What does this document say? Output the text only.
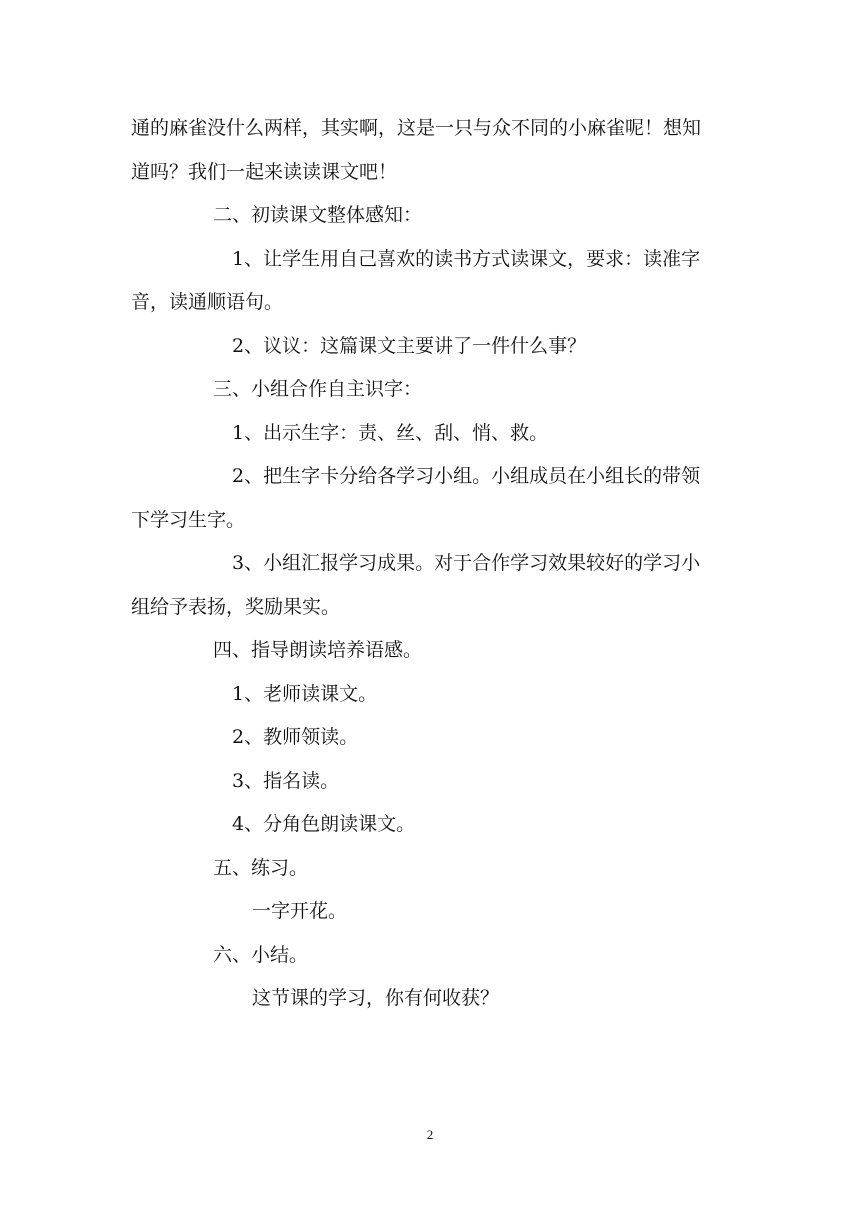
通的麻雀没什么两样，其实啊，这是一只与众不同的小麻雀呢！想知
道吗？我们一起来读读课文吧！
二、初读课文整体感知：
1、让学生用自己喜欢的读书方式读课文，要求：读准字
音，读通顺语句。
2、议议：这篇课文主要讲了一件什么事？
三、小组合作自主识字：
1、出示生字：责、丝、刮、悄、救。
2、把生字卡分给各学习小组。小组成员在小组长的带领
下学习生字。
3、小组汇报学习成果。对于合作学习效果较好的学习小
组给予表扬，奖励果实。
四、指导朗读培养语感。
1、老师读课文。
2、教师领读。
3、指名读。
4、分角色朗读课文。
五、练习。
一字开花。
六、小结。
这节课的学习，你有何收获？
2
